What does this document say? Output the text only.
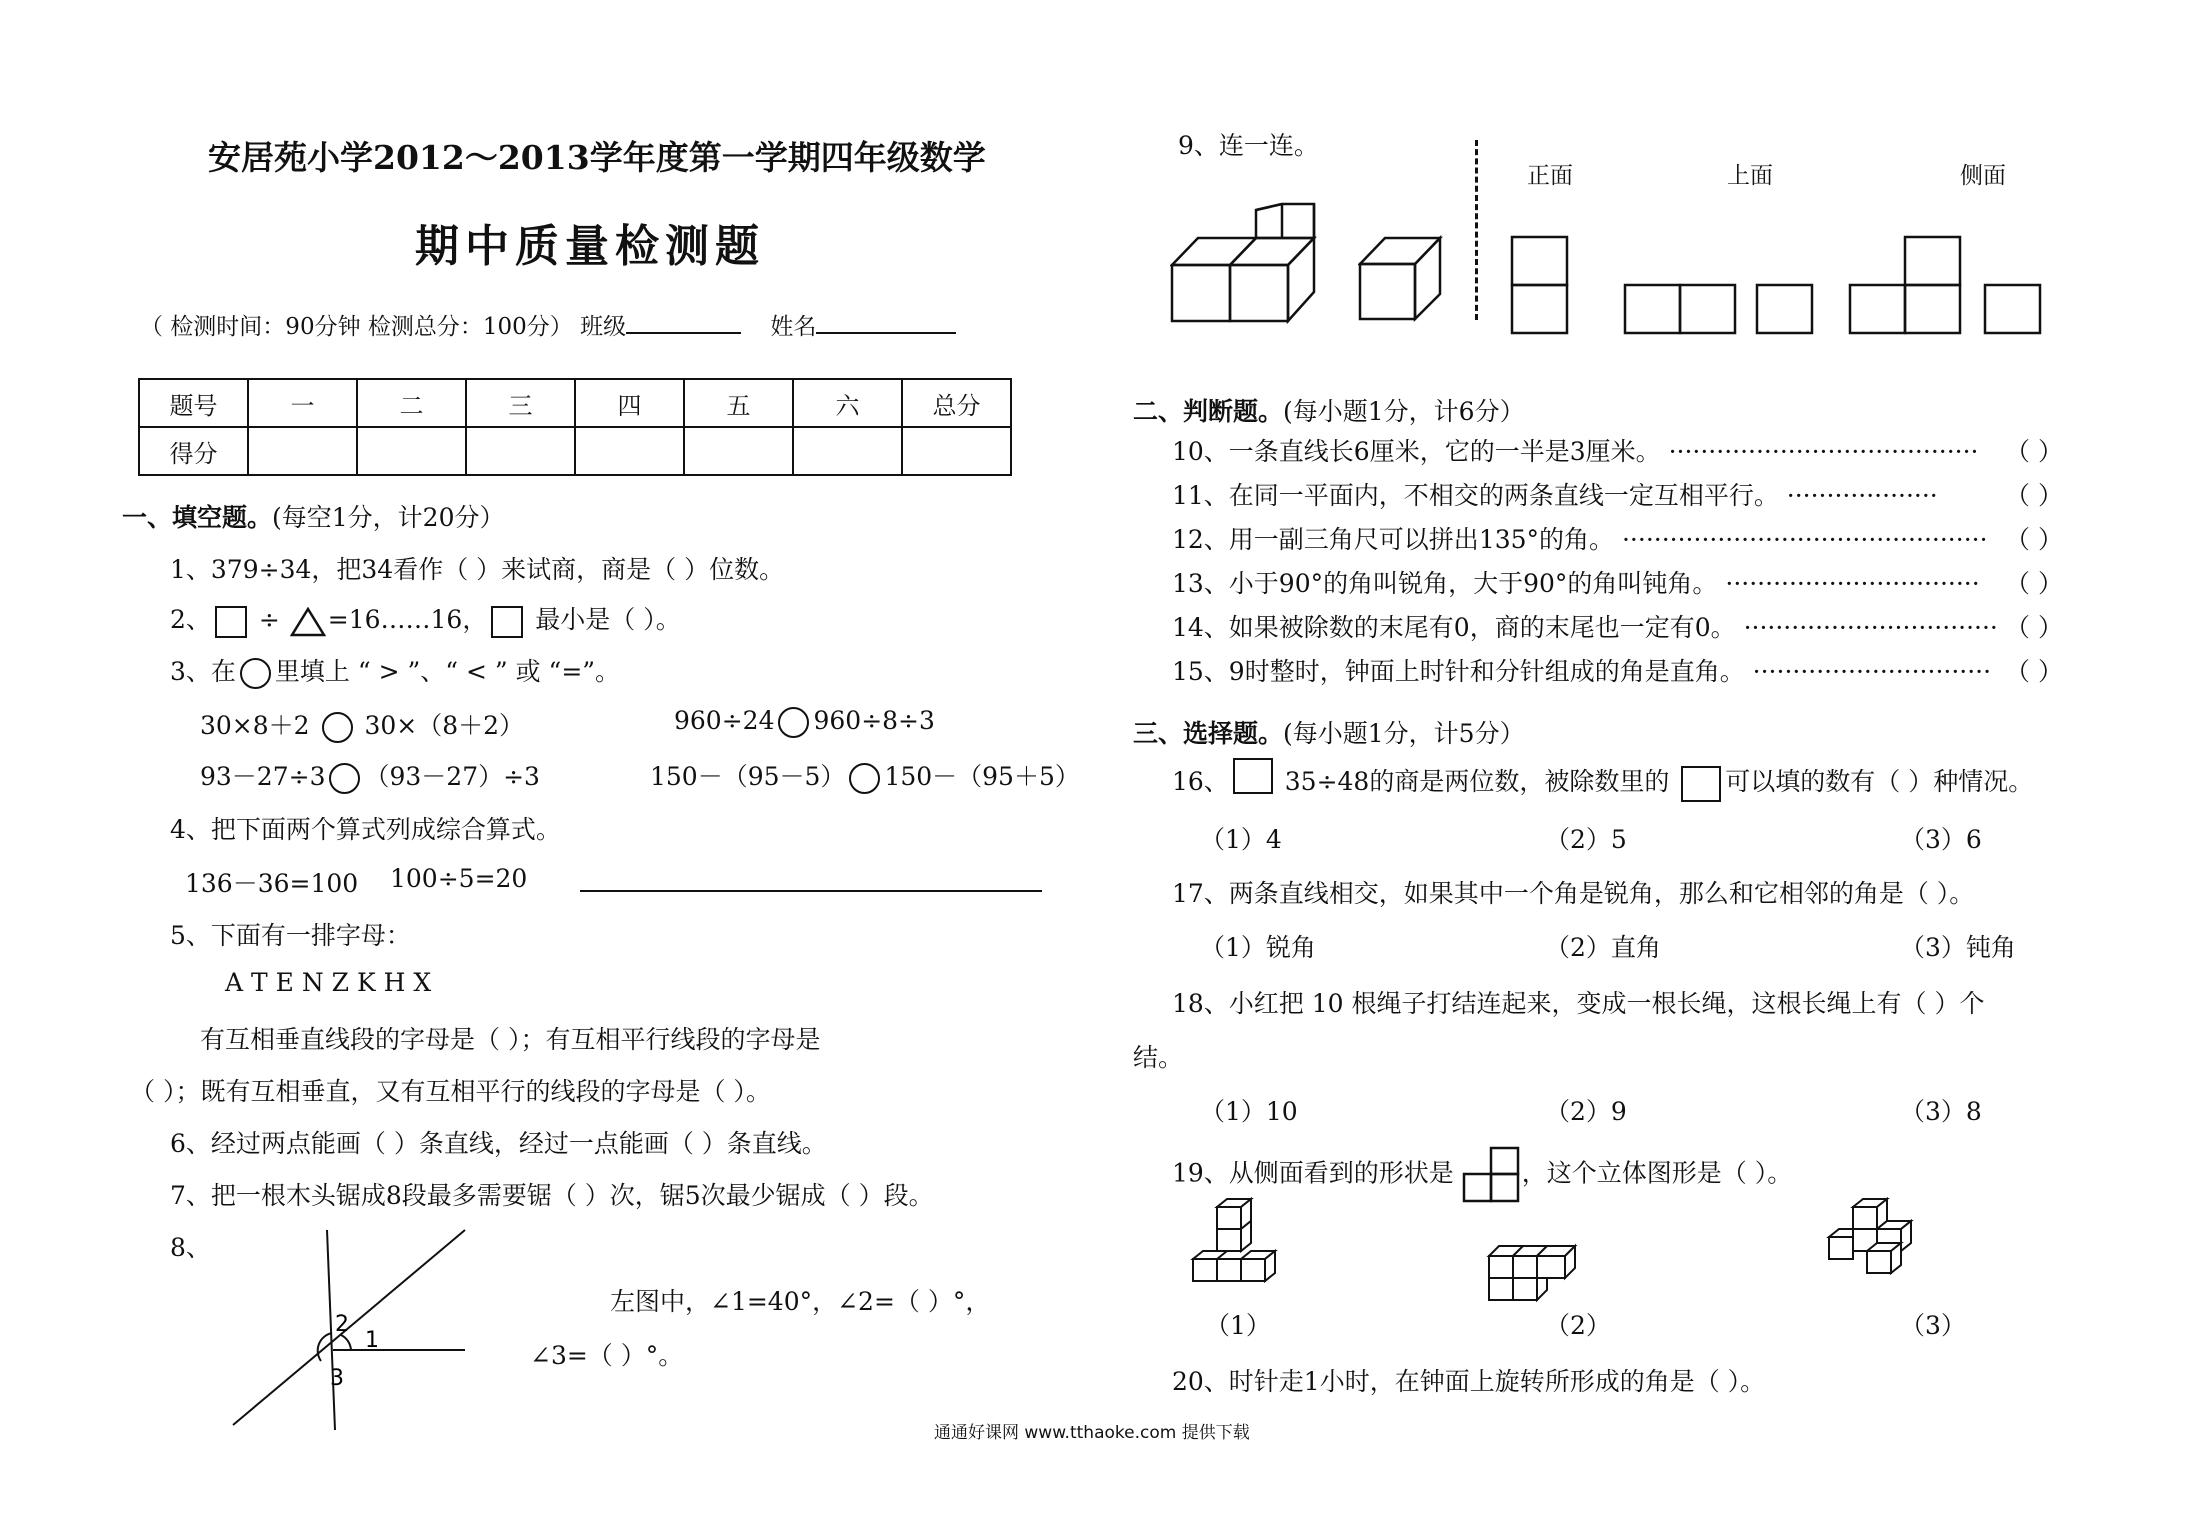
安居苑小学2012～2013学年度第一学期四年级数学
期中质量检测题
（ 检测时间：90分钟 检测总分：100分） 班级	姓名
题号	一	二	三	四	五	六	总分
得分							
一、填空题。(每空1分，计20分）
1、379÷34，把34看作（ ）来试商，商是（ ）位数。
2、 ÷ =16……16， 最小是（ ）。
3、在 里填上 “ > ”、“ < ” 或 “=”。
30×8＋2 30×（8＋2）	960÷24 960÷8÷3
93－27÷3 （93－27）÷3	150－（95－5） 150－（95＋5）
4、把下面两个算式列成综合算式。
136－36=100 100÷5=20
5、下面有一排字母：
A T E N Z K H X
有互相垂直线段的字母是（ ）；有互相平行线段的字母是
（ ）；既有互相垂直，又有互相平行的线段的字母是（ ）。
6、经过两点能画（ ）条直线，经过一点能画（ ）条直线。
7、把一根木头锯成8段最多需要锯（ ）次，锯5次最少锯成（ ）段。
8、
2
1
3
左图中，∠1=40°，∠2=（ ）°，
∠3=（ ）°。
9、连一连。
正面	上面	侧面
二、判断题。(每小题1分，计6分）
10、一条直线长6厘米，它的一半是3厘米。 ······································· （ ）
11、在同一平面内，不相交的两条直线一定互相平行。 ···················	（ ）
12、用一副三角尺可以拼出135°的角。 ·············································· （ ）
13、小于90°的角叫锐角，大于90°的角叫钝角。 ································ （ ）
14、如果被除数的末尾有0，商的末尾也一定有0。 ································ （ ）
15、9时整时，钟面上时针和分针组成的角是直角。 ······························ （ ）
三、选择题。(每小题1分，计5分）
16、 35÷48的商是两位数，被除数里的 可以填的数有（ ）种情况。
（1）4	（2）5	（3）6
17、两条直线相交，如果其中一个角是锐角，那么和它相邻的角是（ ）。
（1）锐角	（2）直角	（3）钝角
18、小红把 10 根绳子打结连起来，变成一根长绳，这根长绳上有（ ）个
结。
（1）10	（2）9	（3）8
19、从侧面看到的形状是	，这个立体图形是（ ）。
（1）	（2）	（3）
20、时针走1小时，在钟面上旋转所形成的角是（ ）。
通通好课网 www.tthaoke.com 提供下载
